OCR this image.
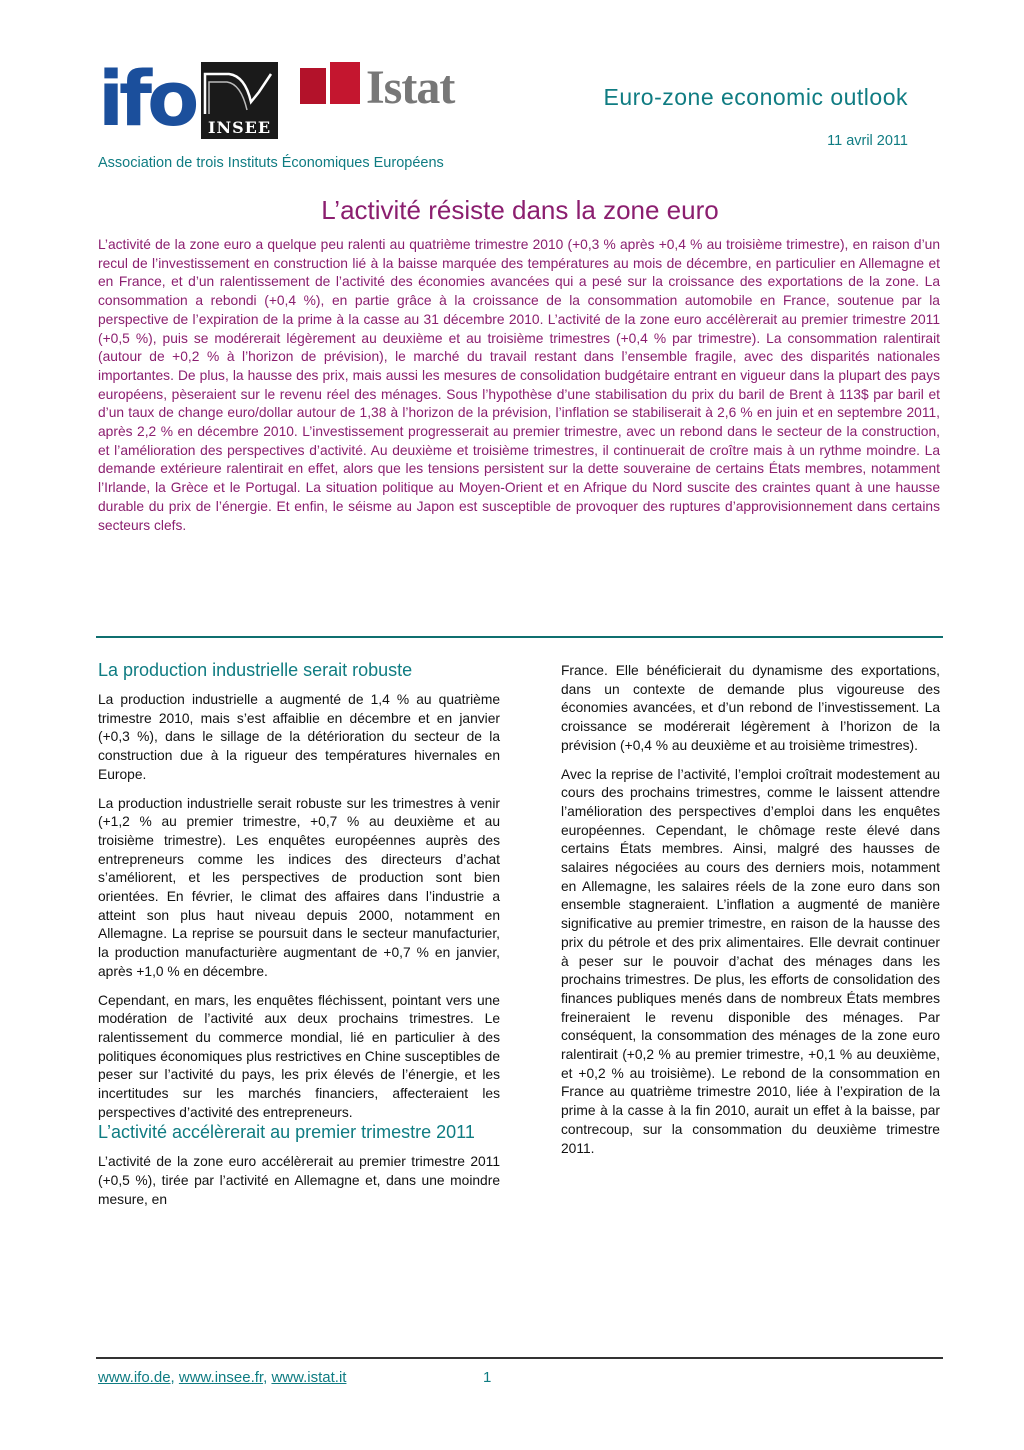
ifo INSEE
Istat	Euro-zone economic outlook
11 avril 2011
Association de trois Instituts Économiques Européens
L’activité résiste dans la zone euro

L’activité de la zone euro a quelque peu ralenti au quatrième trimestre 2010 (+0,3 % après +0,4 % au troisième trimestre), en raison d’un recul de l’investissement en construction lié à la baisse marquée des températures au mois de décembre, en particulier en Allemagne et en France, et d’un ralentissement de l’activité des économies avancées qui a pesé sur la croissance des exportations de la zone. La consommation a rebondi (+0,4 %), en partie grâce à la croissance de la consommation automobile en France, soutenue par la perspective de l’expiration de la prime à la casse au 31 décembre 2010. L’activité de la zone euro accélèrerait au premier trimestre 2011 (+0,5 %), puis se modérerait légèrement au deuxième et au troisième trimestres (+0,4 % par trimestre). La consommation ralentirait (autour de +0,2 % à l’horizon de prévision), le marché du travail restant dans l’ensemble fragile, avec des disparités nationales importantes. De plus, la hausse des prix, mais aussi les mesures de consolidation budgétaire entrant en vigueur dans la plupart des pays européens, pèseraient sur le revenu réel des ménages. Sous l’hypothèse d’une stabilisation du prix du baril de Brent à 113$ par baril et d’un taux de change euro/dollar autour de 1,38 à l’horizon de la prévision, l’inflation se stabiliserait à 2,6 % en juin et en septembre 2011, après 2,2 % en décembre 2010. L’investissement progresserait au premier trimestre, avec un rebond dans le secteur de la construction, et l’amélioration des perspectives d’activité. Au deuxième et troisième trimestres, il continuerait de croître mais à un rythme moindre. La demande extérieure ralentirait en effet, alors que les tensions persistent sur la dette souveraine de certains États membres, notamment l’Irlande, la Grèce et le Portugal. La situation politique au Moyen-Orient et en Afrique du Nord suscite des craintes quant à une hausse durable du prix de l’énergie. Et enfin, le séisme au Japon est susceptible de provoquer des ruptures d’approvisionnement dans certains secteurs clefs.

La production industrielle serait robuste

La production industrielle a augmenté de 1,4 % au quatrième trimestre 2010, mais s’est affaiblie en décembre et en janvier (+0,3 %), dans le sillage de la détérioration du secteur de la construction due à la rigueur des températures hivernales en Europe.

La production industrielle serait robuste sur les trimestres à venir (+1,2 % au premier trimestre, +0,7 % au deuxième et au troisième trimestre). Les enquêtes européennes auprès des entrepreneurs comme les indices des directeurs d’achat s’améliorent, et les perspectives de production sont bien orientées. En février, le climat des affaires dans l’industrie a atteint son plus haut niveau depuis 2000, notamment en Allemagne. La reprise se poursuit dans le secteur manufacturier, la production manufacturière augmentant de +0,7 % en janvier, après +1,0 % en décembre.

Cependant, en mars, les enquêtes fléchissent, pointant vers une modération de l’activité aux deux prochains trimestres. Le ralentissement du commerce mondial, lié en particulier à des politiques économiques plus restrictives en Chine susceptibles de peser sur l’activité du pays, les prix élevés de l’énergie, et les incertitudes sur les marchés financiers, affecteraient les perspectives d’activité des entrepreneurs.

L’activité accélèrerait au premier trimestre 2011

L’activité de la zone euro accélèrerait au premier trimestre 2011 (+0,5 %), tirée par l’activité en Allemagne et, dans une moindre mesure, en

France. Elle bénéficierait du dynamisme des exportations, dans un contexte de demande plus vigoureuse des économies avancées, et d’un rebond de l’investissement. La croissance se modérerait légèrement à l’horizon de la prévision (+0,4 % au deuxième et au troisième trimestres).

Avec la reprise de l’activité, l’emploi croîtrait modestement au cours des prochains trimestres, comme le laissent attendre l’amélioration des perspectives d’emploi dans les enquêtes européennes. Cependant, le chômage reste élevé dans certains États membres. Ainsi, malgré des hausses de salaires négociées au cours des derniers mois, notamment en Allemagne, les salaires réels de la zone euro dans son ensemble stagneraient. L’inflation a augmenté de manière significative au premier trimestre, en raison de la hausse des prix du pétrole et des prix alimentaires. Elle devrait continuer à peser sur le pouvoir d’achat des ménages dans les prochains trimestres. De plus, les efforts de consolidation des finances publiques menés dans de nombreux États membres freineraient le revenu disponible des ménages. Par conséquent, la consommation des ménages de la zone euro ralentirait (+0,2 % au premier trimestre, +0,1 % au deuxième, et +0,2 % au troisième). Le rebond de la consommation en France au quatrième trimestre 2010, liée à l’expiration de la prime à la casse à la fin 2010, aurait un effet à la baisse, par contrecoup, sur la consommation du deuxième trimestre 2011.

www.ifo.de, www.insee.fr, www.istat.it	1
